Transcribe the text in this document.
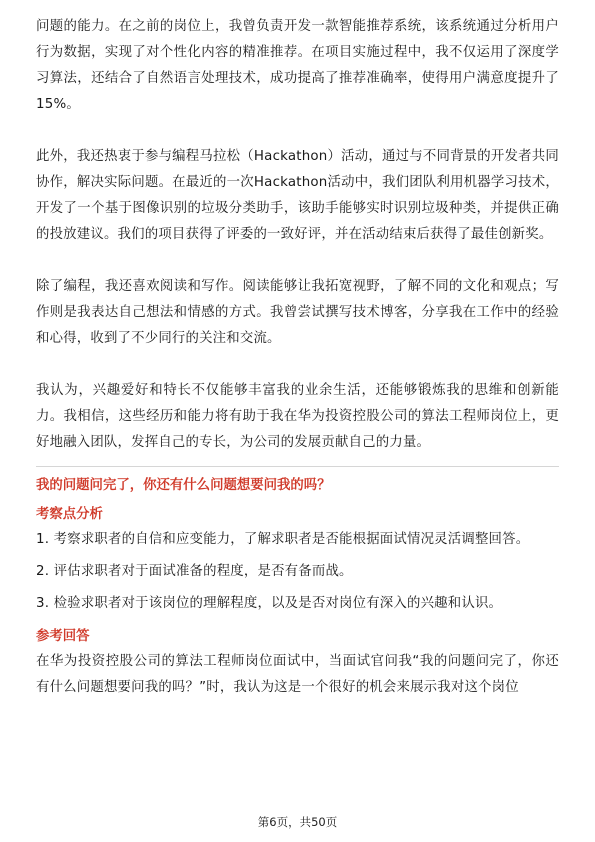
问题的能力。在之前的岗位上，我曾负责开发一款智能推荐系统，该系统通过分析用户行为数据，实现了对个性化内容的精准推荐。在项目实施过程中，我不仅运用了深度学习算法，还结合了自然语言处理技术，成功提高了推荐准确率，使得用户满意度提升了15%。

此外，我还热衷于参与编程马拉松（Hackathon）活动，通过与不同背景的开发者共同协作，解决实际问题。在最近的一次Hackathon活动中，我们团队利用机器学习技术，开发了一个基于图像识别的垃圾分类助手，该助手能够实时识别垃圾种类，并提供正确的投放建议。我们的项目获得了评委的一致好评，并在活动结束后获得了最佳创新奖。

除了编程，我还喜欢阅读和写作。阅读能够让我拓宽视野，了解不同的文化和观点；写作则是我表达自己想法和情感的方式。我曾尝试撰写技术博客，分享我在工作中的经验和心得，收到了不少同行的关注和交流。

我认为，兴趣爱好和特长不仅能够丰富我的业余生活，还能够锻炼我的思维和创新能力。我相信，这些经历和能力将有助于我在华为投资控股公司的算法工程师岗位上，更好地融入团队，发挥自己的专长，为公司的发展贡献自己的力量。

我的问题问完了，你还有什么问题想要问我的吗？

考察点分析

1. 考察求职者的自信和应变能力，了解求职者是否能根据面试情况灵活调整回答。

2. 评估求职者对于面试准备的程度，是否有备而战。

3. 检验求职者对于该岗位的理解程度，以及是否对岗位有深入的兴趣和认识。

参考回答

在华为投资控股公司的算法工程师岗位面试中，当面试官问我“我的问题问完了，你还有什么问题想要问我的吗？”时，我认为这是一个很好的机会来展示我对这个岗位

第6页，共50页
